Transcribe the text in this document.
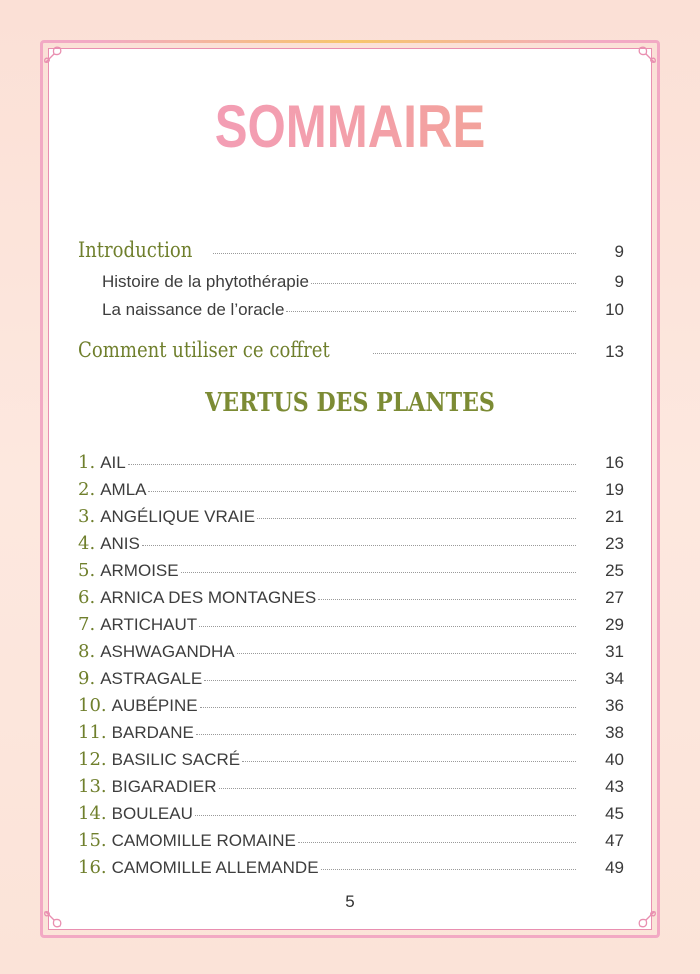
SOMMAIRE
Introduction	9
Histoire de la phytothérapie	9
La naissance de l’oracle	10
Comment utiliser ce coffret	13
VERTUS DES PLANTES
1. AIL	16
2. AMLA	19
3. ANGÉLIQUE VRAIE	21
4. ANIS	23
5. ARMOISE	25
6. ARNICA DES MONTAGNES	27
7. ARTICHAUT	29
8. ASHWAGANDHA	31
9. ASTRAGALE	34
10. AUBÉPINE	36
11. BARDANE	38
12. BASILIC SACRÉ	40
13. BIGARADIER	43
14. BOULEAU	45
15. CAMOMILLE ROMAINE	47
16. CAMOMILLE ALLEMANDE	49
5
